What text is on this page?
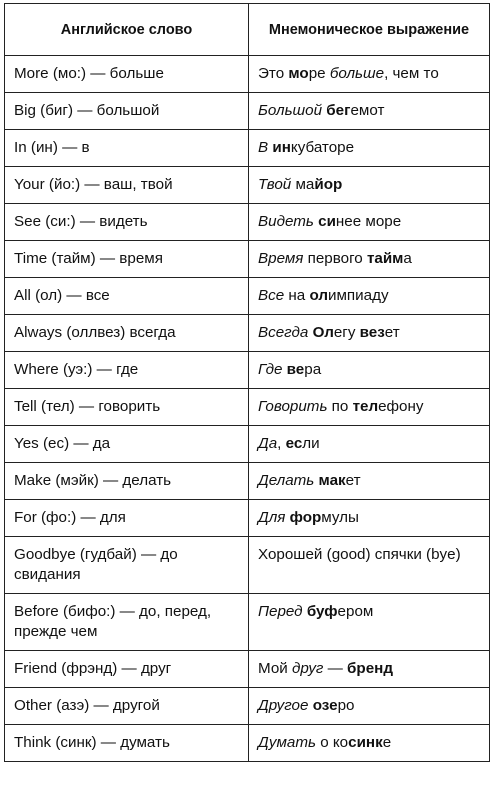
Английское слово	Мнемоническое выражение
More (мо:) — больше	Это море больше, чем то
Big (биг) — большой	Большой бегемот
In (ин) — в	В инкубаторе
Your (йо:) — ваш, твой	Твой майор
See (си:) — видеть	Видеть синее море
Time (тайм) — время	Время первого тайма
All (ол) — все	Все на олимпиаду
Always (оллвез) всегда	Всегда Олегу везет
Where (уэ:) — где	Где вера
Tell (тел) — говорить	Говорить по телефону
Yes (ес) — да	Да, если
Make (мэйк) — делать	Делать макет
For (фо:) — для	Для формулы
Goodbye (гудбай) — до свидания	Хорошей (good) спячки (bye)
Before (бифо:) — до, перед, прежде чем	Перед буфером
Friend (фрэнд) — друг	Мой друг — бренд
Other (азэ) — другой	Другое озеро
Think (синк) — думать	Думать о косинке
